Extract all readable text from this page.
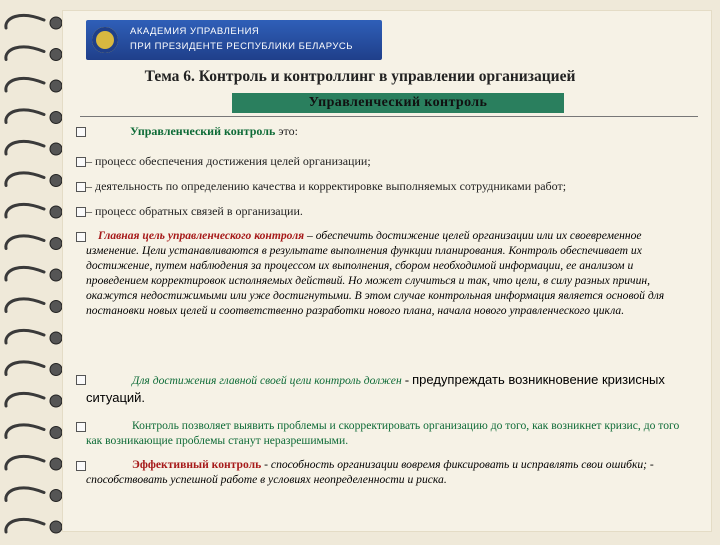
АКАДЕМИЯ УПРАВЛЕНИЯ
ПРИ ПРЕЗИДЕНТЕ РЕСПУБЛИКИ БЕЛАРУСЬ
Тема 6. Контроль и контроллинг в управлении организацией
Управленческий контроль
Управленческий контроль это:
– процесс обеспечения достижения целей организации;
– деятельность по определению качества и корректировке выполняемых сотрудниками работ;
– процесс обратных связей в организации.
Главная цель управленческого контроля – обеспечить достижение целей организации или их своевременное изменение. Цели устанавливаются в результате выполнения функции планирования. Контроль обеспечивает их достижение, путем наблюдения за процессом их выполнения, сбором необходимой информации, ее анализом и проведением корректировок исполняемых действий. Но может случиться и так, что цели, в силу разных причин, окажутся недостижимыми или уже достигнутыми. В этом случае контрольная информация является основой для постановки новых целей и соответственно разработки нового плана, начала нового управленческого цикла.
Для достижения главной своей цели контроль должен - предупреждать возникновение кризисных ситуаций.
Контроль позволяет выявить проблемы и скорректировать организацию до того, как возникнет кризис, до того как возникающие проблемы станут неразрешимыми.
Эффективный контроль - способность организации вовремя фиксировать и исправлять свои ошибки; - способствовать успешной работе в условиях неопределенности и риска.
